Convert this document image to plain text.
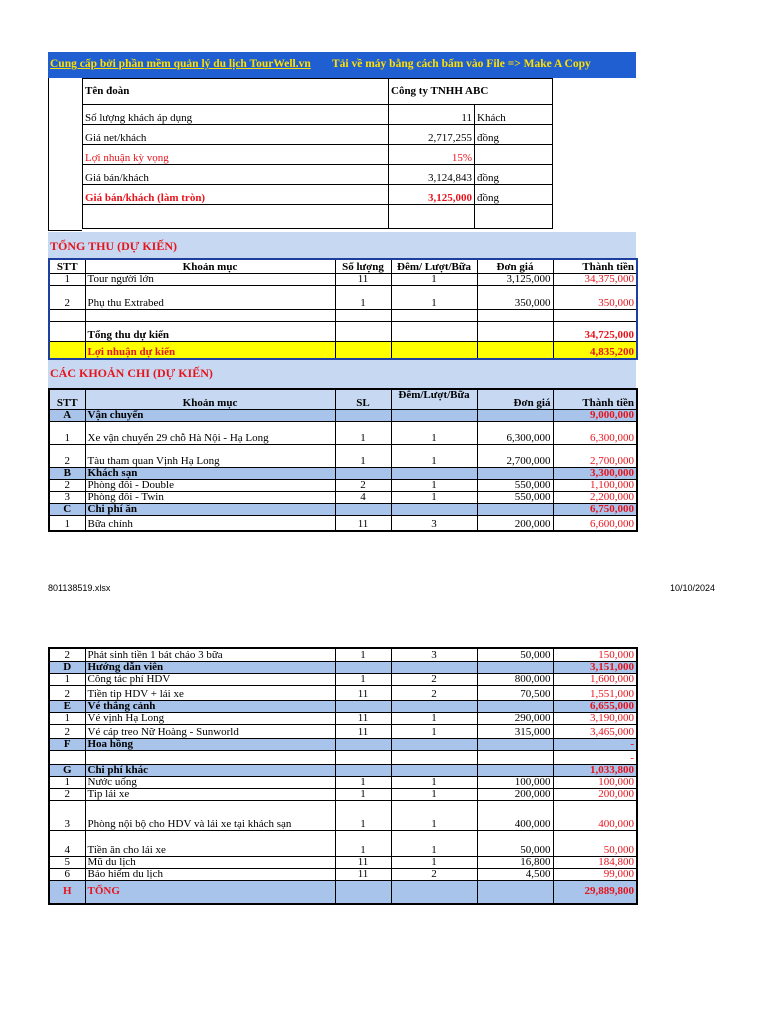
Cung cấp bởi phần mềm quản lý du lịch TourWell.vn Tải về máy bằng cách bấm vào File => Make A Copy
Tên đoàn	Công ty TNHH ABC	
Số lượng khách áp dụng	11	Khách
Giá net/khách	2,717,255	đồng
Lợi nhuận kỳ vọng	15%	
Giá bán/khách	3,124,843	đồng
Giá bán/khách (làm tròn)	3,125,000	đồng

TỔNG THU (DỰ KIẾN)
STT	Khoản mục	Số lượng	Đêm/ Lượt/Bữa	Đơn giá	Thành tiền
1	Tour người lớn	11	1	3,125,000	34,375,000
2	Phụ thu Extrabed	1	1	350,000	350,000

	Tổng thu dự kiến				34,725,000
	Lợi nhuận dự kiến				4,835,200
CÁC KHOẢN CHI (DỰ KIẾN)
STT	Khoản mục	SL	Đêm/Lượt/Bữa	Đơn giá	Thành tiền
A	Vận chuyển				9,000,000
1	Xe vận chuyển 29 chỗ Hà Nội - Hạ Long	1	1	6,300,000	6,300,000
2	Tàu tham quan Vịnh Hạ Long	1	1	2,700,000	2,700,000
B	Khách sạn				3,300,000
2	Phòng đôi - Double	2	1	550,000	1,100,000
3	Phòng đôi - Twin	4	1	550,000	2,200,000
C	Chi phí ăn				6,750,000
1	Bữa chính	11	3	200,000	6,600,000
801138519.xlsx	10/10/2024
2	Phát sinh tiền 1 bát cháo 3 bữa	1	3	50,000	150,000
D	Hướng dẫn viên				3,151,000
1	Công tác phí HDV	1	2	800,000	1,600,000
2	Tiền tip HDV + lái xe	11	2	70,500	1,551,000
E	Vé thắng cảnh				6,655,000
1	Vé vịnh Hạ Long	11	1	290,000	3,190,000
2	Vé cáp treo Nữ Hoàng - Sunworld	11	1	315,000	3,465,000
F	Hoa hồng				-
					-
G	Chi phí khác				1,033,800
1	Nước uống	1	1	100,000	100,000
2	Tip lái xe	1	1	200,000	200,000
3	Phòng nội bộ cho HDV và lái xe tại khách sạn	1	1	400,000	400,000
4	Tiền ăn cho lái xe	1	1	50,000	50,000
5	Mũ du lịch	11	1	16,800	184,800
6	Bảo hiểm du lịch	11	2	4,500	99,000
H	TỔNG				29,889,800
